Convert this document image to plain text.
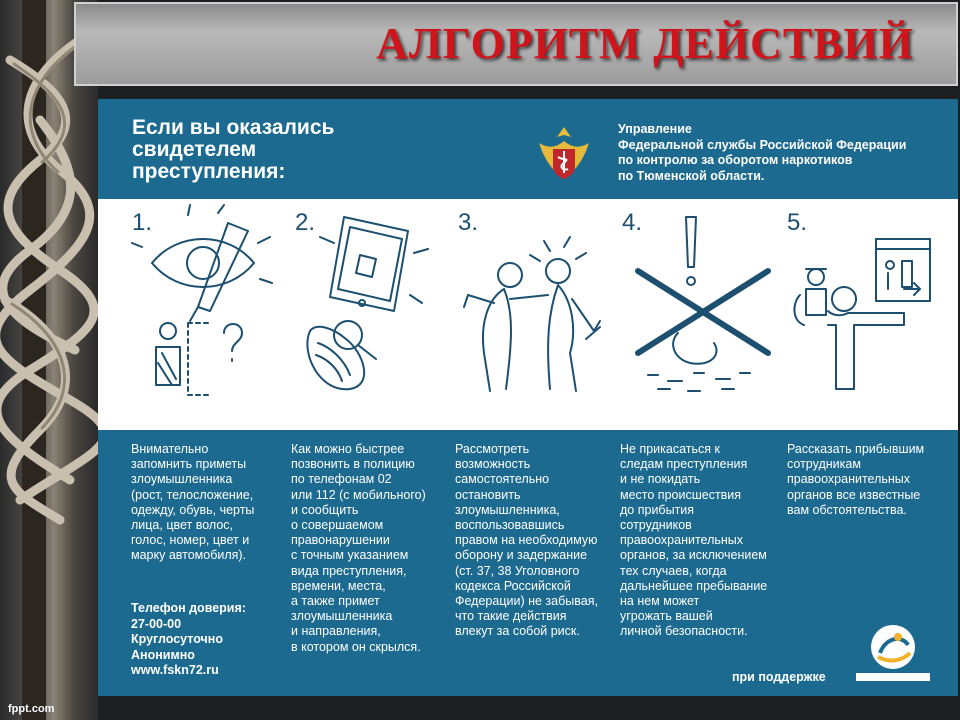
АЛГОРИТМ ДЕЙСТВИЙ
Если вы оказались
свидетелем
преступления:
Управление
Федеральной службы Российской Федерации
по контролю за оборотом наркотиков
по Тюменской области.
1.	2.	3.	4.	5.
Внимательно
запомнить приметы
злоумышленника
(рост, телосложение,
одежду, обувь, черты
лица, цвет волос,
голос, номер, цвет и
марку автомобиля).
Как можно быстрее
позвонить в полицию
по телефонам 02
или 112 (с мобильного)
и сообщить
о совершаемом
правонарушении
с точным указанием
вида преступления,
времени, места,
а также примет
злоумышленника
и направления,
в котором он скрылся.
Рассмотреть
возможность
самостоятельно
остановить
злоумышленника,
воспользовавшись
правом на необходимую
оборону и задержание
(ст. 37, 38 Уголовного
кодекса Российской
Федерации) не забывая,
что такие действия
влекут за собой риск.
Не прикасаться к
следам преступления
и не покидать
место происшествия
до прибытия
сотрудников
правоохранительных
органов, за исключением
тех случаев, когда
дальнейшее пребывание
на нем может
угрожать вашей
личной безопасности.
Рассказать прибывшим
сотрудникам
правоохранительных
органов все известные
вам обстоятельства.
Телефон доверия:
27-00-00
Круглосуточно
Анонимно
www.fskn72.ru	при поддержке
fppt.com
